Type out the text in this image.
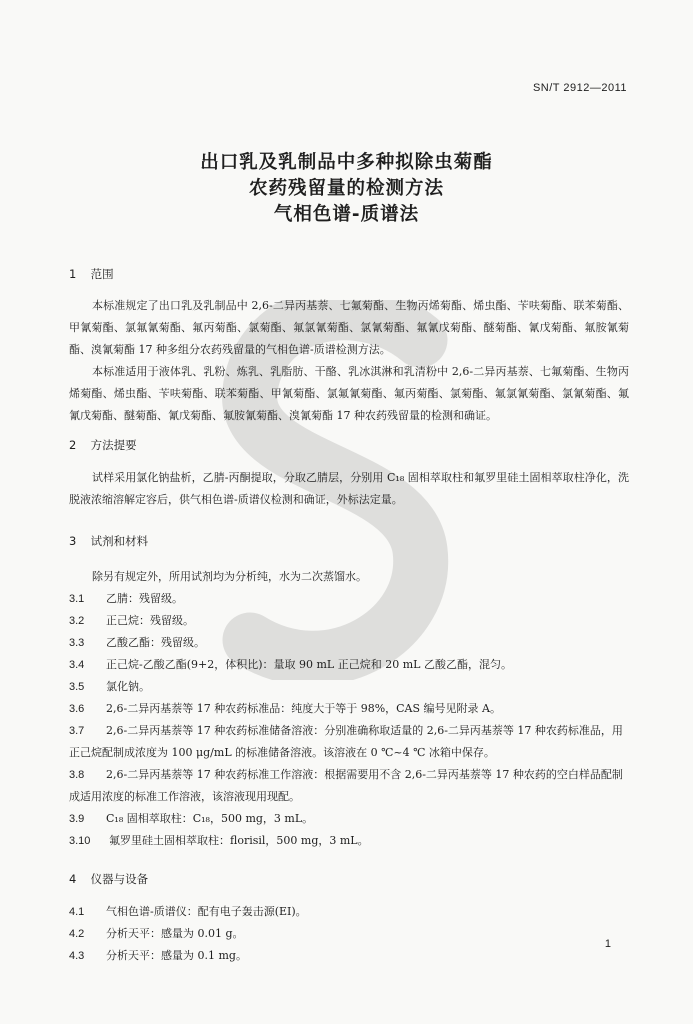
SN/T 2912—2011
出口乳及乳制品中多种拟除虫菊酯
农药残留量的检测方法
气相色谱-质谱法
1 范围
本标准规定了出口乳及乳制品中 2,6-二异丙基萘、七氟菊酯、生物丙烯菊酯、烯虫酯、苄呋菊酯、联苯菊酯、甲氰菊酯、氯氟氰菊酯、氟丙菊酯、氯菊酯、氟氯氰菊酯、氯氰菊酯、氟氰戊菊酯、醚菊酯、氰戊菊酯、氟胺氰菊酯、溴氰菊酯 17 种多组分农药残留量的气相色谱-质谱检测方法。
本标准适用于液体乳、乳粉、炼乳、乳脂肪、干酪、乳冰淇淋和乳清粉中 2,6-二异丙基萘、七氟菊酯、生物丙烯菊酯、烯虫酯、苄呋菊酯、联苯菊酯、甲氰菊酯、氯氟氰菊酯、氟丙菊酯、氯菊酯、氟氯氰菊酯、氯氰菊酯、氟氰戊菊酯、醚菊酯、氰戊菊酯、氟胺氰菊酯、溴氰菊酯 17 种农药残留量的检测和确证。
2 方法提要
试样采用氯化钠盐析，乙腈-丙酮提取，分取乙腈层，分别用 C₁₈ 固相萃取柱和氟罗里硅土固相萃取柱净化，洗脱液浓缩溶解定容后，供气相色谱-质谱仪检测和确证，外标法定量。
3 试剂和材料
除另有规定外，所用试剂均为分析纯，水为二次蒸馏水。
3.1 乙腈：残留级。
3.2 正己烷：残留级。
3.3 乙酸乙酯：残留级。
3.4 正己烷-乙酸乙酯(9+2，体积比)：量取 90 mL 正己烷和 20 mL 乙酸乙酯，混匀。
3.5 氯化钠。
3.6 2,6-二异丙基萘等 17 种农药标准品：纯度大于等于 98%，CAS 编号见附录 A。
3.7 2,6-二异丙基萘等 17 种农药标准储备溶液：分别准确称取适量的 2,6-二异丙基萘等 17 种农药标准品，用正己烷配制成浓度为 100 μg/mL 的标准储备溶液。该溶液在 0 ℃~4 ℃ 冰箱中保存。
3.8 2,6-二异丙基萘等 17 种农药标准工作溶液：根据需要用不含 2,6-二异丙基萘等 17 种农药的空白样品配制成适用浓度的标准工作溶液，该溶液现用现配。
3.9 C₁₈ 固相萃取柱：C₁₈，500 mg，3 mL。
3.10 氟罗里硅土固相萃取柱：florisil，500 mg，3 mL。
4 仪器与设备
4.1 气相色谱-质谱仪：配有电子轰击源(EI)。
4.2 分析天平：感量为 0.01 g。
4.3 分析天平：感量为 0.1 mg。
1
